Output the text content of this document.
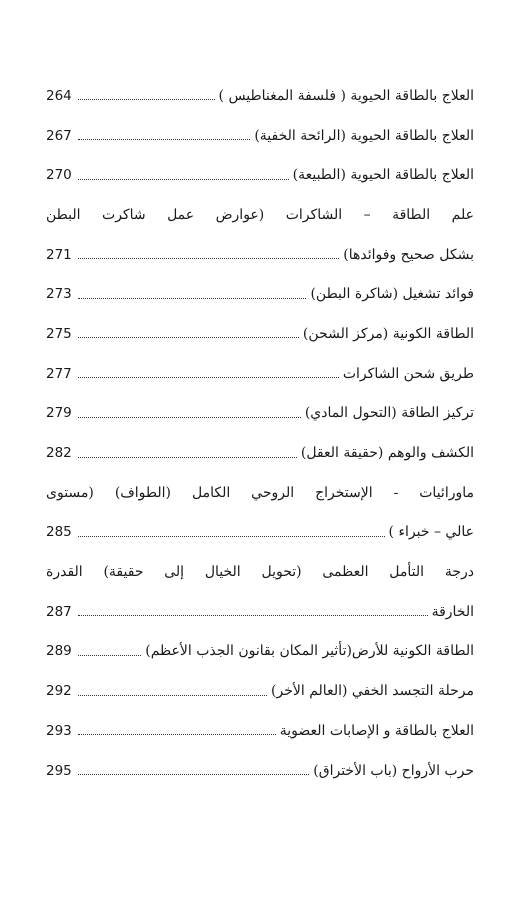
العلاج بالطاقة الحيوية ( فلسفة المغناطيس )
264
العلاج بالطاقة الحيوية (الرائحة الخفية)
267
العلاج بالطاقة الحيوية (الطبيعة)
270
علم الطاقة – الشاكرات (عوارض عمل شاكرت البطن
بشكل صحيح وفوائدها)
271
فوائد تشغيل (شاكرة البطن)
273
الطاقة الكونية (مركز الشحن)
275
طريق شحن الشاكرات
277
تركيز الطاقة (التحول المادي)
279
الكشف والوهم (حقيقة العقل)
282
ماورائيات - الإستخراج الروحي الكامل (الطواف) (مستوى
عالي – خبراء )
285
درجة التأمل العظمى (تحويل الخيال إلى حقيقة) القدرة
الخارقة
287
الطاقة الكونية للأرض(تأثير المكان بقانون الجذب الأعظم)
289
مرحلة التجسد الخفي (العالم الأخر)
292
العلاج بالطاقة و الإصابات العضوية
293
حرب الأرواح (باب الأختراق)
295
